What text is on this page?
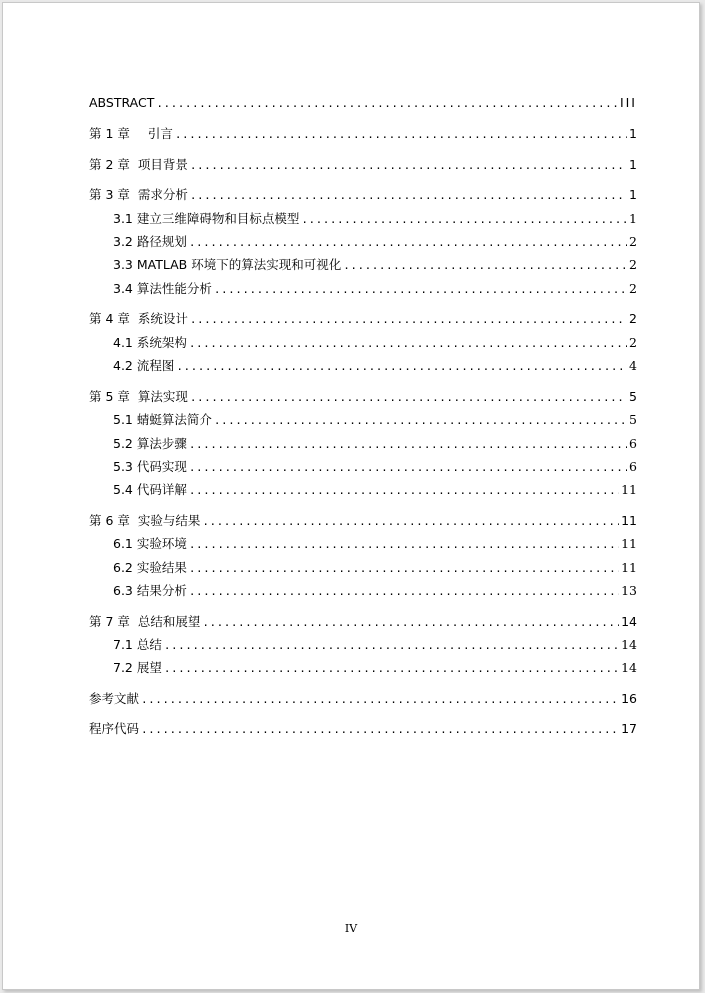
ABSTRACT .....	III
第 1 章 引言 .....	1
第 2 章 项目背景 .....	1
第 3 章 需求分析 .....	1
3.1 建立三维障碍物和目标点模型 .....	1
3.2 路径规划 .....	2
3.3 MATLAB 环境下的算法实现和可视化 .....	2
3.4 算法性能分析 .....	2
第 4 章 系统设计 .....	2
4.1 系统架构 .....	2
4.2 流程图 .....	4
第 5 章 算法实现 .....	5
5.1 蜻蜓算法简介 .....	5
5.2 算法步骤 .....	6
5.3 代码实现 .....	6
5.4 代码详解 .....	11
第 6 章 实验与结果 .....	11
6.1 实验环境 .....	11
6.2 实验结果 .....	11
6.3 结果分析 .....	13
第 7 章 总结和展望 .....	14
7.1 总结 .....	14
7.2 展望 .....	14
参考文献 .....	16
程序代码 .....	17
IV
